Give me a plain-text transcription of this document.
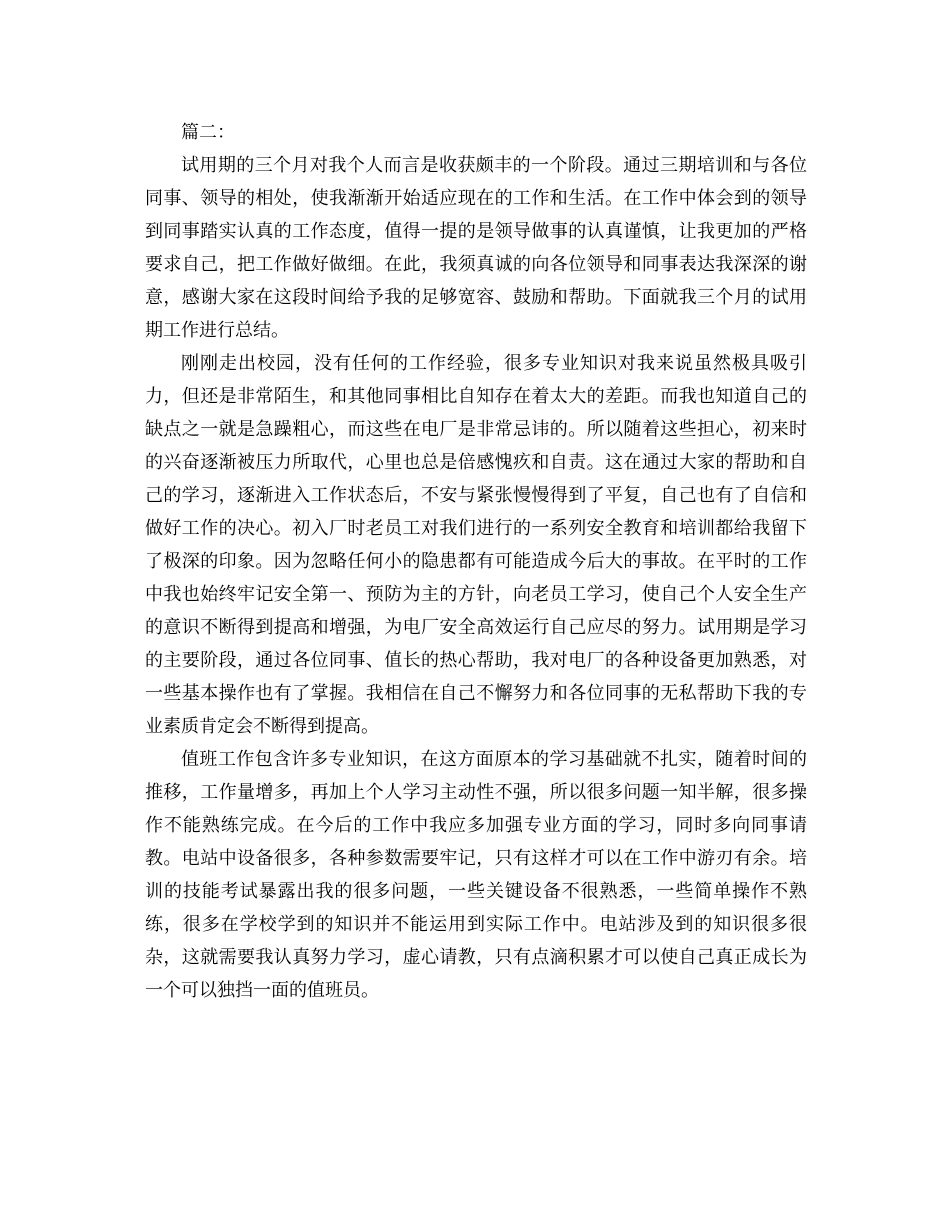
篇二：

试用期的三个月对我个人而言是收获颇丰的一个阶段。通过三期培训和与各位同事、领导的相处，使我渐渐开始适应现在的工作和生活。在工作中体会到的领导到同事踏实认真的工作态度，值得一提的是领导做事的认真谨慎，让我更加的严格要求自己，把工作做好做细。在此，我须真诚的向各位领导和同事表达我深深的谢意，感谢大家在这段时间给予我的足够宽容、鼓励和帮助。下面就我三个月的试用期工作进行总结。

刚刚走出校园，没有任何的工作经验，很多专业知识对我来说虽然极具吸引力，但还是非常陌生，和其他同事相比自知存在着太大的差距。而我也知道自己的缺点之一就是急躁粗心，而这些在电厂是非常忌讳的。所以随着这些担心，初来时的兴奋逐渐被压力所取代，心里也总是倍感愧疚和自责。这在通过大家的帮助和自己的学习，逐渐进入工作状态后，不安与紧张慢慢得到了平复，自己也有了自信和做好工作的决心。初入厂时老员工对我们进行的一系列安全教育和培训都给我留下了极深的印象。因为忽略任何小的隐患都有可能造成今后大的事故。在平时的工作中我也始终牢记安全第一、预防为主的方针，向老员工学习，使自己个人安全生产的意识不断得到提高和增强，为电厂安全高效运行自己应尽的努力。试用期是学习的主要阶段，通过各位同事、值长的热心帮助，我对电厂的各种设备更加熟悉，对一些基本操作也有了掌握。我相信在自己不懈努力和各位同事的无私帮助下我的专业素质肯定会不断得到提高。

值班工作包含许多专业知识，在这方面原本的学习基础就不扎实，随着时间的推移，工作量增多，再加上个人学习主动性不强，所以很多问题一知半解，很多操作不能熟练完成。在今后的工作中我应多加强专业方面的学习，同时多向同事请教。电站中设备很多，各种参数需要牢记，只有这样才可以在工作中游刃有余。培训的技能考试暴露出我的很多问题，一些关键设备不很熟悉，一些简单操作不熟练，很多在学校学到的知识并不能运用到实际工作中。电站涉及到的知识很多很杂，这就需要我认真努力学习，虚心请教，只有点滴积累才可以使自己真正成长为一个可以独挡一面的值班员。
